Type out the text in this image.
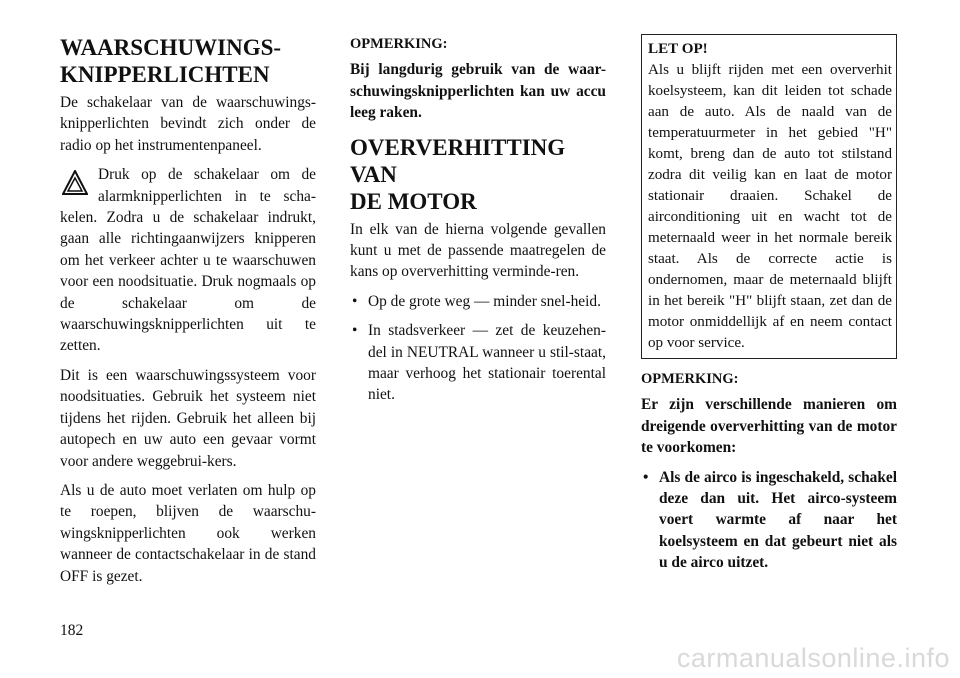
WAARSCHUWINGS-
KNIPPERLICHTEN

De schakelaar van de waarschuwings-knipperlichten bevindt zich onder de radio op het instrumentenpaneel.

Druk op de schakelaar om de alarmknipperlichten in te scha-kelen. Zodra u de schakelaar indrukt, gaan alle richtingaanwijzers knipperen om het verkeer achter u te waarschuwen voor een noodsituatie. Druk nogmaals op de schakelaar om de waarschuwingsknipperlichten uit te zetten.

Dit is een waarschuwingssysteem voor noodsituaties. Gebruik het systeem niet tijdens het rijden. Gebruik het alleen bij autopech en uw auto een gevaar vormt voor andere weggebrui-kers.

Als u de auto moet verlaten om hulp op te roepen, blijven de waarschu-wingsknipperlichten ook werken wanneer de contactschakelaar in de stand OFF is gezet.

OPMERKING:

Bij langdurig gebruik van de waar-schuwingsknipperlichten kan uw accu leeg raken.

OVERVERHITTING VAN
DE MOTOR

In elk van de hierna volgende gevallen kunt u met de passende maatregelen de kans op oververhitting verminde-ren.

• Op de grote weg — minder snel-heid.
• In stadsverkeer — zet de keuzehen-del in NEUTRAL wanneer u stil-staat, maar verhoog het stationair toerental niet.
LET OP!

Als u blijft rijden met een oververhit koelsysteem, kan dit leiden tot schade aan de auto. Als de naald van de temperatuurmeter in het gebied "H" komt, breng dan de auto tot stilstand zodra dit veilig kan en laat de motor stationair draaien. Schakel de airconditioning uit en wacht tot de meternaald weer in het normale bereik staat. Als de correcte actie is ondernomen, maar de meternaald blijft in het bereik "H" blijft staan, zet dan de motor onmiddellijk af en neem contact op voor service.

OPMERKING:

Er zijn verschillende manieren om dreigende oververhitting van de motor te voorkomen:

• Als de airco is ingeschakeld, schakel deze dan uit. Het airco-systeem voert warmte af naar het koelsysteem en dat gebeurt niet als u de airco uitzet.
182
carmanualsonline.info
